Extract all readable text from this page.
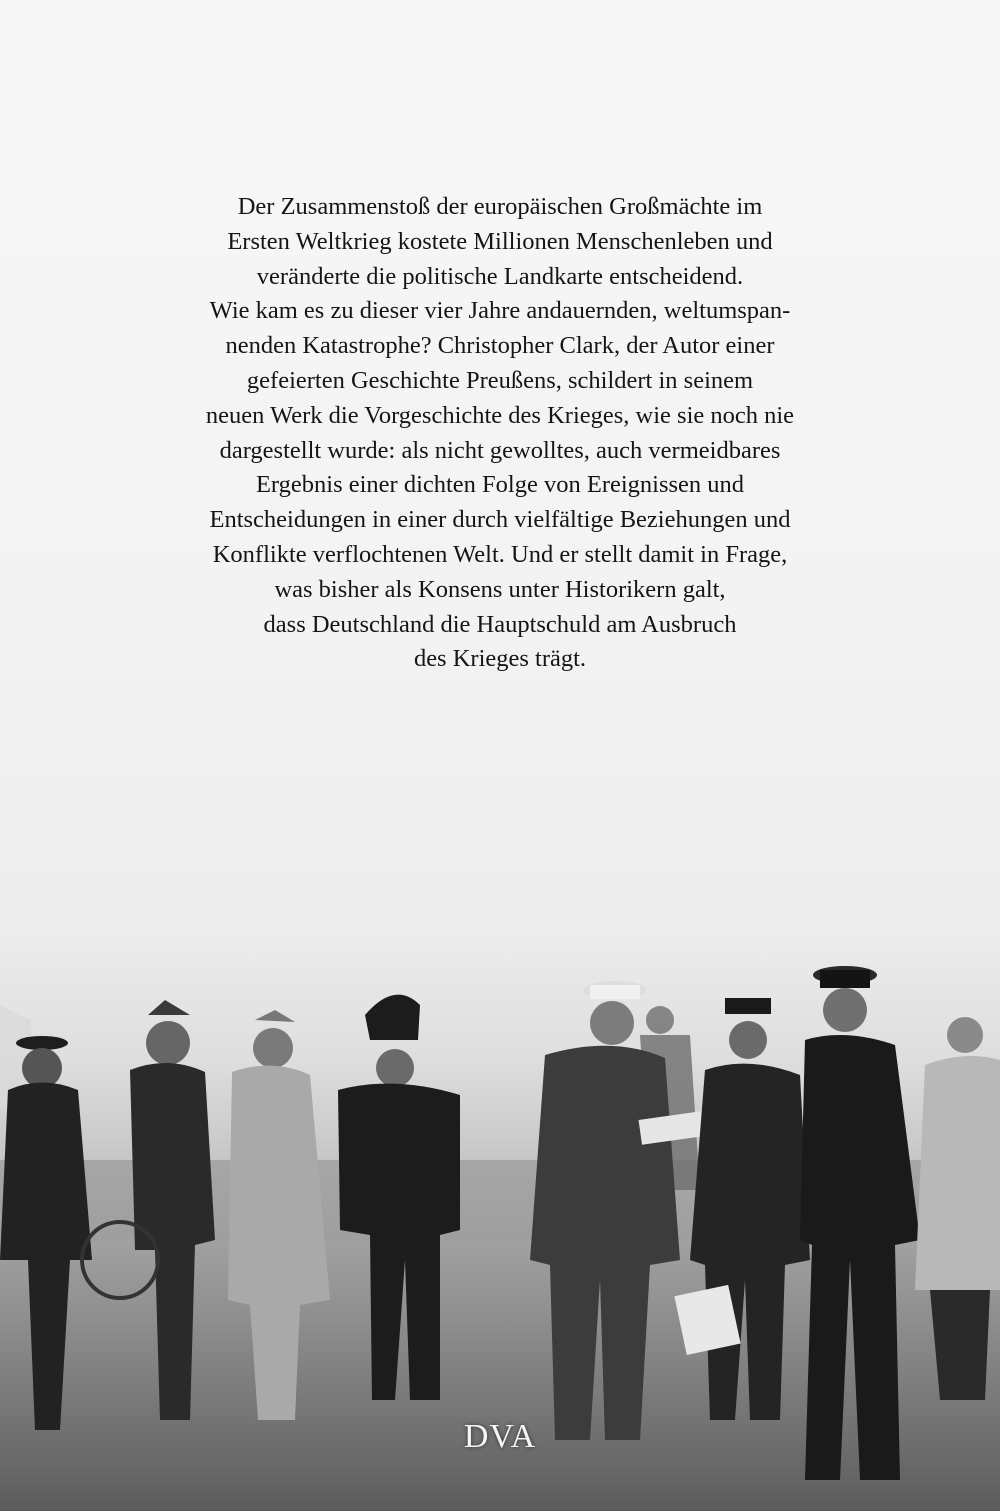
Der Zusammenstoß der europäischen Großmächte im
Ersten Weltkrieg kostete Millionen Menschenleben und
veränderte die politische Landkarte entscheidend.
Wie kam es zu dieser vier Jahre andauernden, weltumspan-
nenden Katastrophe? Christopher Clark, der Autor einer
gefeierten Geschichte Preußens, schildert in seinem
neuen Werk die Vorgeschichte des Krieges, wie sie noch nie
dargestellt wurde: als nicht gewolltes, auch vermeidbares
Ergebnis einer dichten Folge von Ereignissen und
Entscheidungen in einer durch vielfältige Beziehungen und
Konflikte verflochtenen Welt. Und er stellt damit in Frage,
was bisher als Konsens unter Historikern galt,
dass Deutschland die Hauptschuld am Ausbruch
des Krieges trägt.

DVA
